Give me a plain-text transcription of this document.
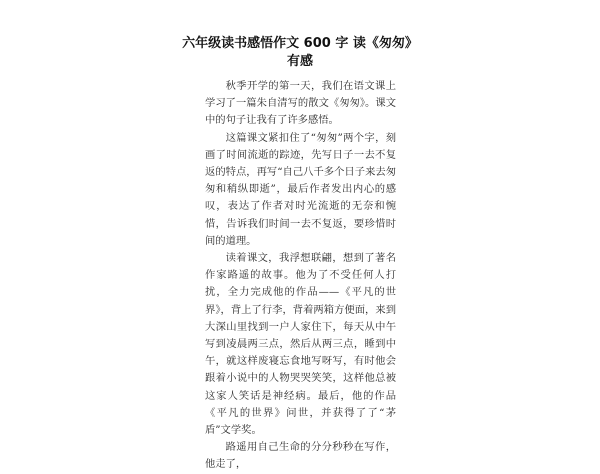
六年级读书感悟作文 600 字 读《匆匆》
有感

秋季开学的第一天，我们在语文课上学习了一篇朱自清写的散文《匆匆》。课文中的句子让我有了许多感悟。

这篇课文紧扣住了“匆匆”两个字，刻画了时间流逝的踪迹，先写日子一去不复返的特点，再写“自己八千多个日子来去匆匆和稍纵即逝”，最后作者发出内心的感叹，表达了作者对时光流逝的无奈和惋惜，告诉我们时间一去不复返，要珍惜时间的道理。

读着课文，我浮想联翩，想到了著名作家路遥的故事。他为了不受任何人打扰，全力完成他的作品——《平凡的世界》，背上了行李，背着两箱方便面，来到大深山里找到一户人家住下，每天从中午写到凌晨两三点，然后从两三点，睡到中午，就这样废寝忘食地写呀写，有时他会跟着小说中的人物哭哭笑笑，这样他总被这家人笑话是神经病。最后，他的作品《平凡的世界》问世，并获得了了“茅盾”文学奖。

路遥用自己生命的分分秒秒在写作，他走了，
